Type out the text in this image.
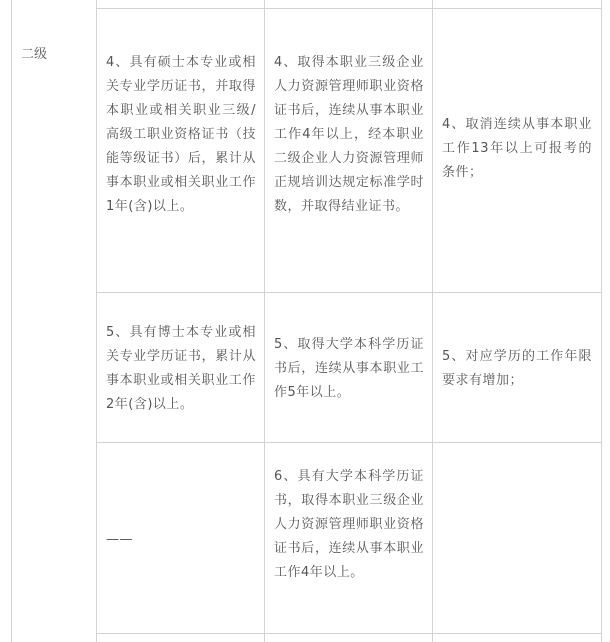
二级
4、具有硕士本专业或相关专业学历证书，并取得本职业或相关职业三级/高级工职业资格证书（技能等级证书）后，累计从事本职业或相关职业工作1年(含)以上。
4、取得本职业三级企业人力资源管理师职业资格证书后，连续从事本职业工作4年以上，经本职业二级企业人力资源管理师正规培训达规定标准学时数，并取得结业证书。
4、取消连续从事本职业工作13年以上可报考的条件；
5、具有博士本专业或相关专业学历证书，累计从事本职业或相关职业工作2年(含)以上。
5、取得大学本科学历证书后，连续从事本职业工作5年以上。
5、对应学历的工作年限要求有增加；
——
6、具有大学本科学历证书，取得本职业三级企业人力资源管理师职业资格证书后，连续从事本职业工作4年以上。
